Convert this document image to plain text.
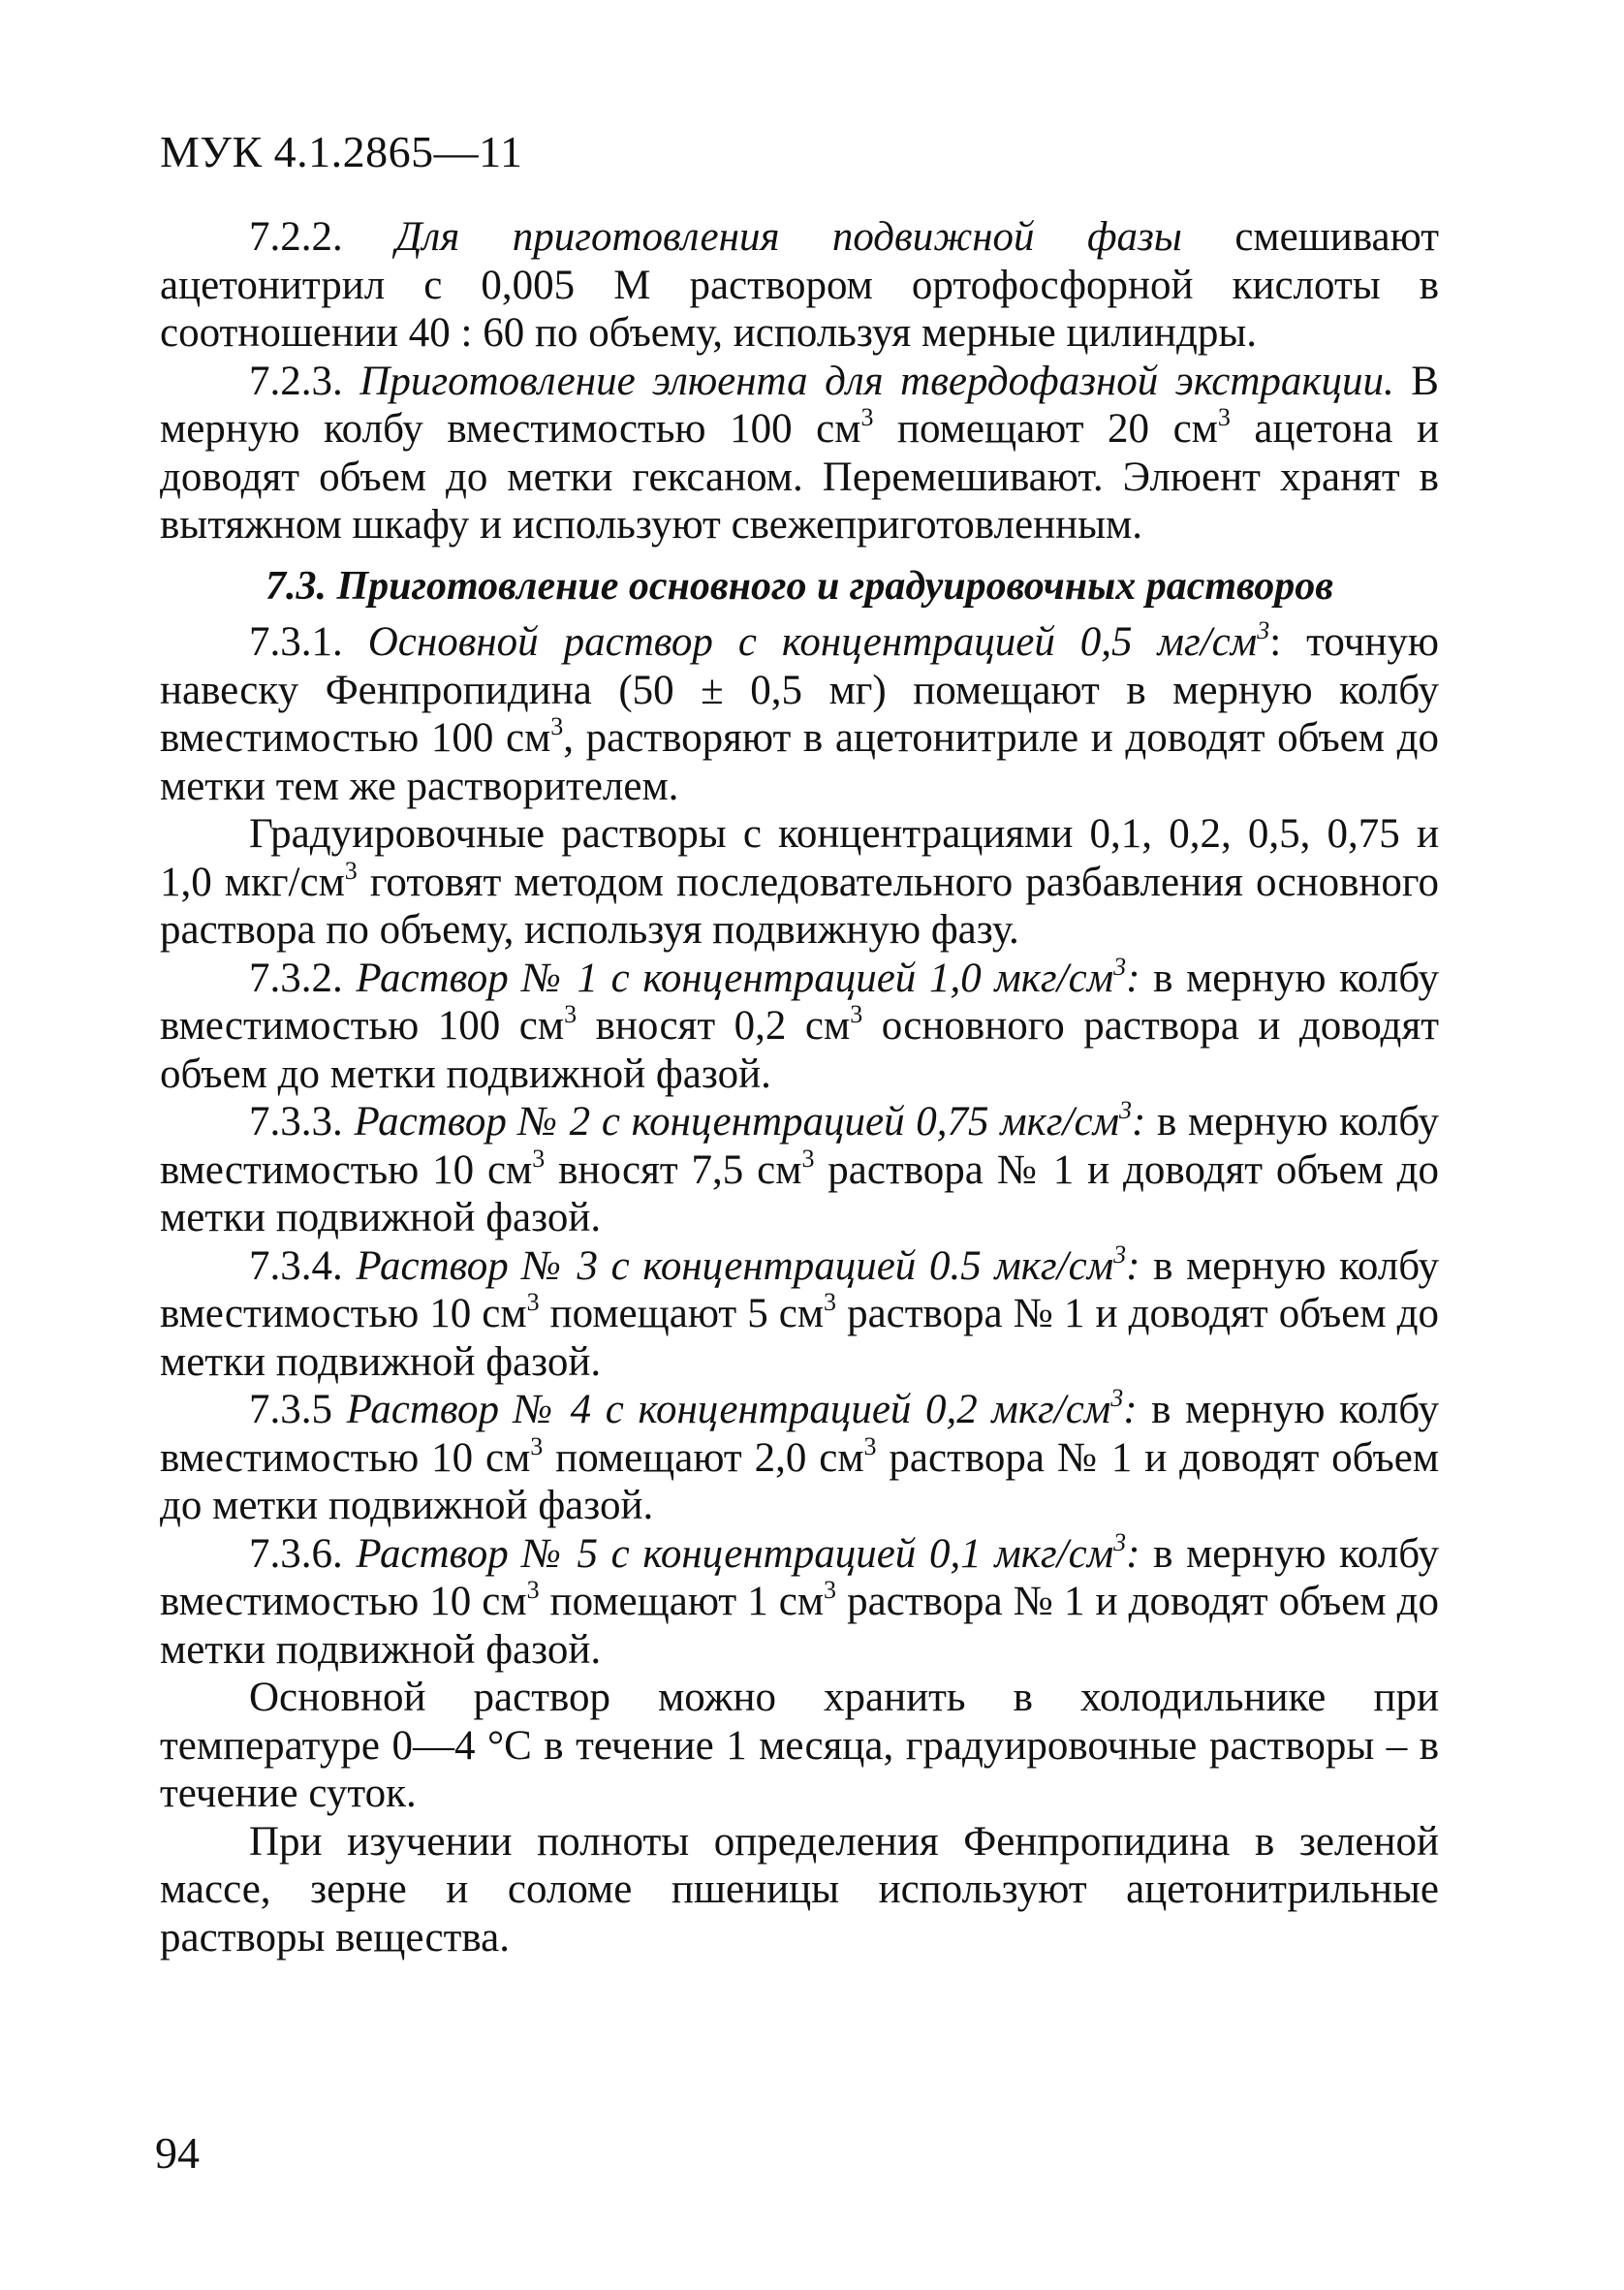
МУК 4.1.2865—11

7.2.2. Для приготовления подвижной фазы смешивают ацетонитрил с 0,005 М раствором ортофосфорной кислоты в соотношении 40 : 60 по объему, используя мерные цилиндры.

7.2.3. Приготовление элюента для твердофазной экстракции. В мерную колбу вместимостью 100 $см^3$ помещают 20 $см^3$ ацетона и доводят объем до метки гексаном. Перемешивают. Элюент хранят в вытяжном шкафу и используют свежеприготовленным.

7.3. Приготовление основного и градуировочных растворов

7.3.1. Основной раствор с концентрацией 0,5 $мг/см^3$: точную навеску Фенпропидина (50 ± 0,5 мг) помещают в мерную колбу вместимостью 100 $см^3$, растворяют в ацетонитриле и доводят объем до метки тем же растворителем.

Градуировочные растворы с концентрациями 0,1, 0,2, 0,5, 0,75 и 1,0 мкг/$см^3$ готовят методом последовательного разбавления основного раствора по объему, используя подвижную фазу.

7.3.2. Раствор № 1 с концентрацией 1,0 мкг/$см^3$: в мерную колбу вместимостью 100 $см^3$ вносят 0,2 $см^3$ основного раствора и доводят объем до метки подвижной фазой.

7.3.3. Раствор № 2 с концентрацией 0,75 мкг/$см^3$: в мерную колбу вместимостью 10 $см^3$ вносят 7,5 $см^3$ раствора № 1 и доводят объем до метки подвижной фазой.

7.3.4. Раствор № 3 с концентрацией 0.5 мкг/$см^3$: в мерную колбу вместимостью 10 $см^3$ помещают 5 $см^3$ раствора № 1 и доводят объем до метки подвижной фазой.

7.3.5 Раствор № 4 с концентрацией 0,2 мкг/$см^3$: в мерную колбу вместимостью 10 $см^3$ помещают 2,0 $см^3$ раствора № 1 и доводят объем до метки подвижной фазой.

7.3.6. Раствор № 5 с концентрацией 0,1 мкг/$см^3$: в мерную колбу вместимостью 10 $см^3$ помещают 1 $см^3$ раствора № 1 и доводят объем до метки подвижной фазой.

Основной раствор можно хранить в холодильнике при температуре 0—4 °С в течение 1 месяца, градуировочные растворы – в течение суток.

При изучении полноты определения Фенпропидина в зеленой массе, зерне и соломе пшеницы используют ацетонитрильные растворы вещества.

94
